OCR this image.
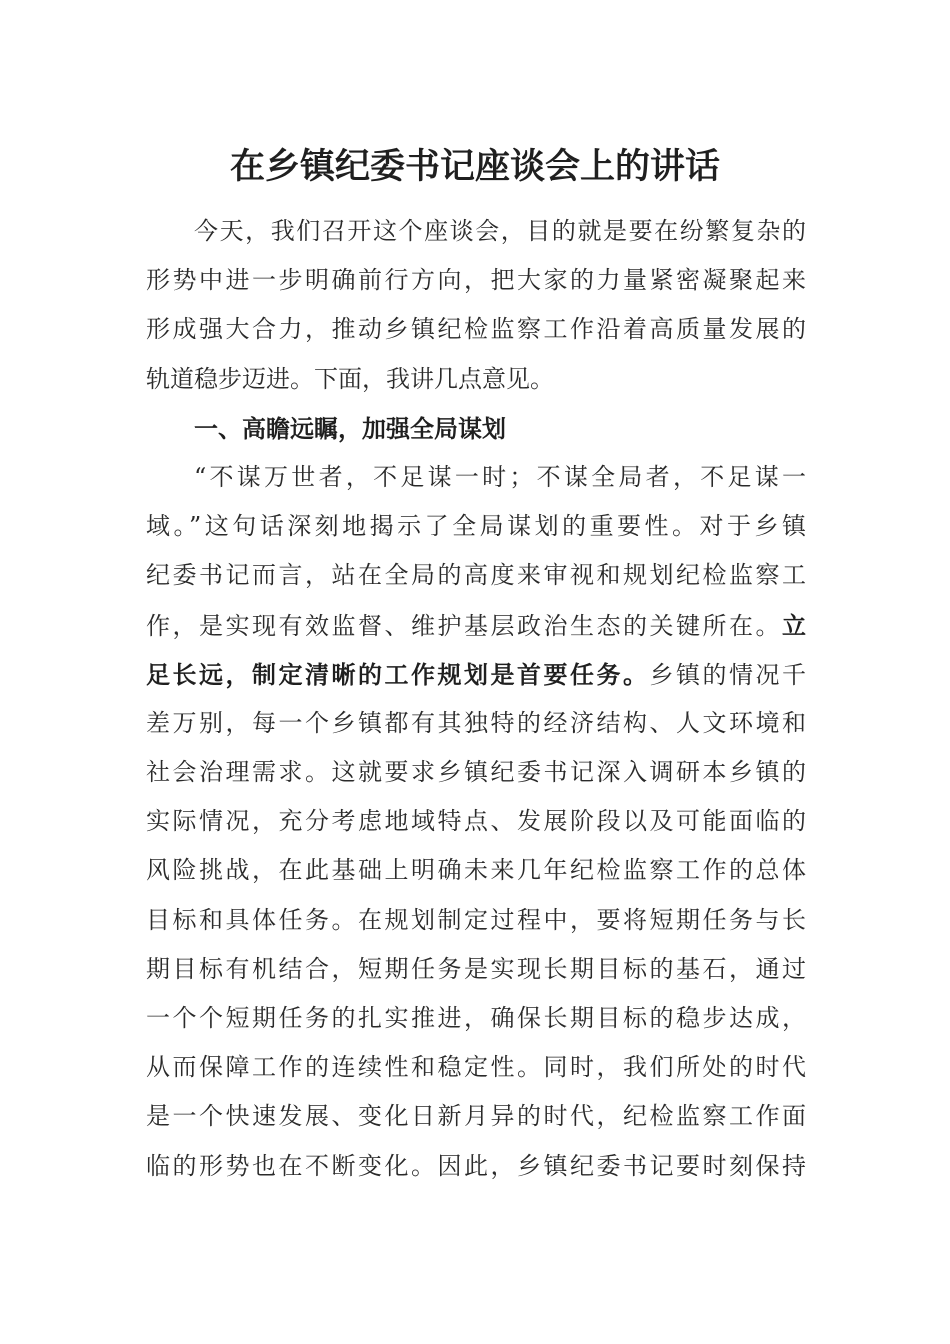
在乡镇纪委书记座谈会上的讲话
今天，我们召开这个座谈会，目的就是要在纷繁复杂的
形势中进一步明确前行方向，把大家的力量紧密凝聚起来
形成强大合力，推动乡镇纪检监察工作沿着高质量发展的
轨道稳步迈进。下面，我讲几点意见。
一、高瞻远瞩，加强全局谋划
“不谋万世者，不足谋一时；不谋全局者，不足谋一
域。”这句话深刻地揭示了全局谋划的重要性。对于乡镇
纪委书记而言，站在全局的高度来审视和规划纪检监察工
作，是实现有效监督、维护基层政治生态的关键所在。立
足长远，制定清晰的工作规划是首要任务。乡镇的情况千
差万别，每一个乡镇都有其独特的经济结构、人文环境和
社会治理需求。这就要求乡镇纪委书记深入调研本乡镇的
实际情况，充分考虑地域特点、发展阶段以及可能面临的
风险挑战，在此基础上明确未来几年纪检监察工作的总体
目标和具体任务。在规划制定过程中，要将短期任务与长
期目标有机结合，短期任务是实现长期目标的基石，通过
一个个短期任务的扎实推进，确保长期目标的稳步达成，
从而保障工作的连续性和稳定性。同时，我们所处的时代
是一个快速发展、变化日新月异的时代，纪检监察工作面
临的形势也在不断变化。因此，乡镇纪委书记要时刻保持
